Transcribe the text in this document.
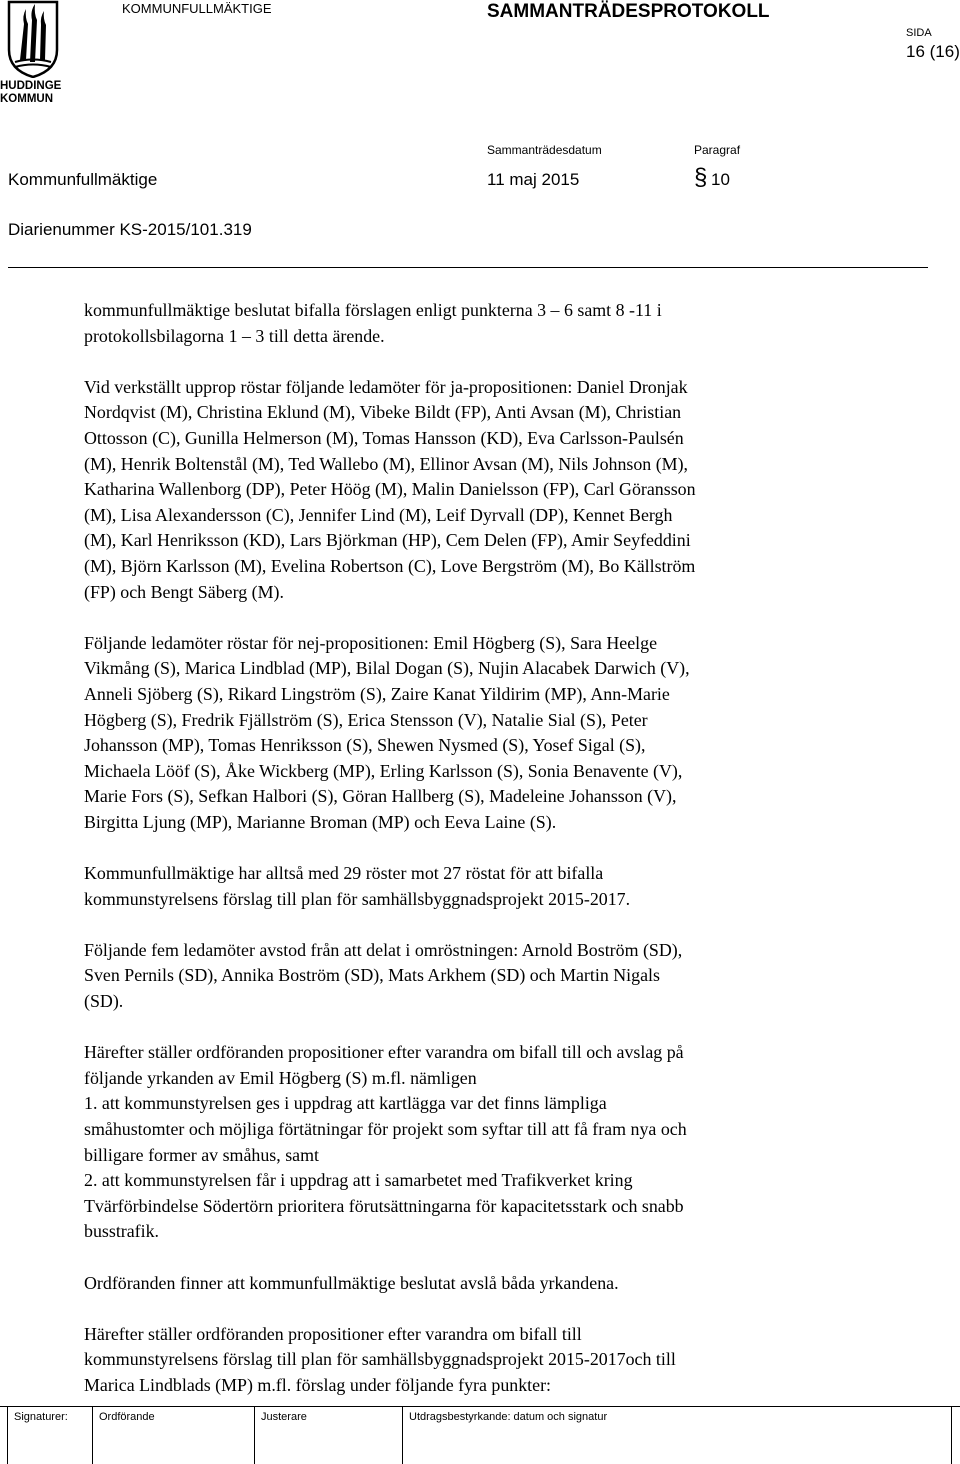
HUDDINGE
KOMMUN
KOMMUNFULLMÄKTIGE	SAMMANTRÄDESPROTOKOLL
SIDA
16 (16)
Sammanträdesdatum	Paragraf
Kommunfullmäktige	11 maj 2015	§ 10
Diarienummer KS-2015/101.319

kommunfullmäktige beslutat bifalla förslagen enligt punkterna 3 – 6 samt 8 -11 i
protokollsbilagorna 1 – 3 till detta ärende.

Vid verkställt upprop röstar följande ledamöter för ja-propositionen: Daniel Dronjak
Nordqvist (M), Christina Eklund (M), Vibeke Bildt (FP), Anti Avsan (M), Christian
Ottosson (C), Gunilla Helmerson (M), Tomas Hansson (KD), Eva Carlsson-Paulsén
(M), Henrik Boltenstål (M), Ted Wallebo (M), Ellinor Avsan (M), Nils Johnson (M),
Katharina Wallenborg (DP), Peter Höög (M), Malin Danielsson (FP), Carl Göransson
(M), Lisa Alexandersson (C), Jennifer Lind (M), Leif Dyrvall (DP), Kennet Bergh
(M), Karl Henriksson (KD), Lars Björkman (HP), Cem Delen (FP), Amir Seyfeddini
(M), Björn Karlsson (M), Evelina Robertson (C), Love Bergström (M), Bo Källström
(FP) och Bengt Säberg (M).

Följande ledamöter röstar för nej-propositionen: Emil Högberg (S), Sara Heelge
Vikmång (S), Marica Lindblad (MP), Bilal Dogan (S), Nujin Alacabek Darwich (V),
Anneli Sjöberg (S), Rikard Lingström (S), Zaire Kanat Yildirim (MP), Ann-Marie
Högberg (S), Fredrik Fjällström (S), Erica Stensson (V), Natalie Sial (S), Peter
Johansson (MP), Tomas Henriksson (S), Shewen Nysmed (S), Yosef Sigal (S),
Michaela Lööf (S), Åke Wickberg (MP), Erling Karlsson (S), Sonia Benavente (V),
Marie Fors (S), Sefkan Halbori (S), Göran Hallberg (S), Madeleine Johansson (V),
Birgitta Ljung (MP), Marianne Broman (MP) och Eeva Laine (S).

Kommunfullmäktige har alltså med 29 röster mot 27 röstat för att bifalla
kommunstyrelsens förslag till plan för samhällsbyggnadsprojekt 2015-2017.

Följande fem ledamöter avstod från att delat i omröstningen: Arnold Boström (SD),
Sven Pernils (SD), Annika Boström (SD), Mats Arkhem (SD) och Martin Nigals
(SD).

Härefter ställer ordföranden propositioner efter varandra om bifall till och avslag på
följande yrkanden av Emil Högberg (S) m.fl. nämligen
1. att kommunstyrelsen ges i uppdrag att kartlägga var det finns lämpliga
småhustomter och möjliga förtätningar för projekt som syftar till att få fram nya och
billigare former av småhus, samt
2. att kommunstyrelsen får i uppdrag att i samarbetet med Trafikverket kring
Tvärförbindelse Södertörn prioritera förutsättningarna för kapacitetsstark och snabb
busstrafik.

Ordföranden finner att kommunfullmäktige beslutat avslå båda yrkandena.

Härefter ställer ordföranden propositioner efter varandra om bifall till
kommunstyrelsens förslag till plan för samhällsbyggnadsprojekt 2015-2017och till
Marica Lindblads (MP) m.fl. förslag under följande fyra punkter:

Signaturer:	Ordförande	Justerare	Utdragsbestyrkande: datum och signatur
